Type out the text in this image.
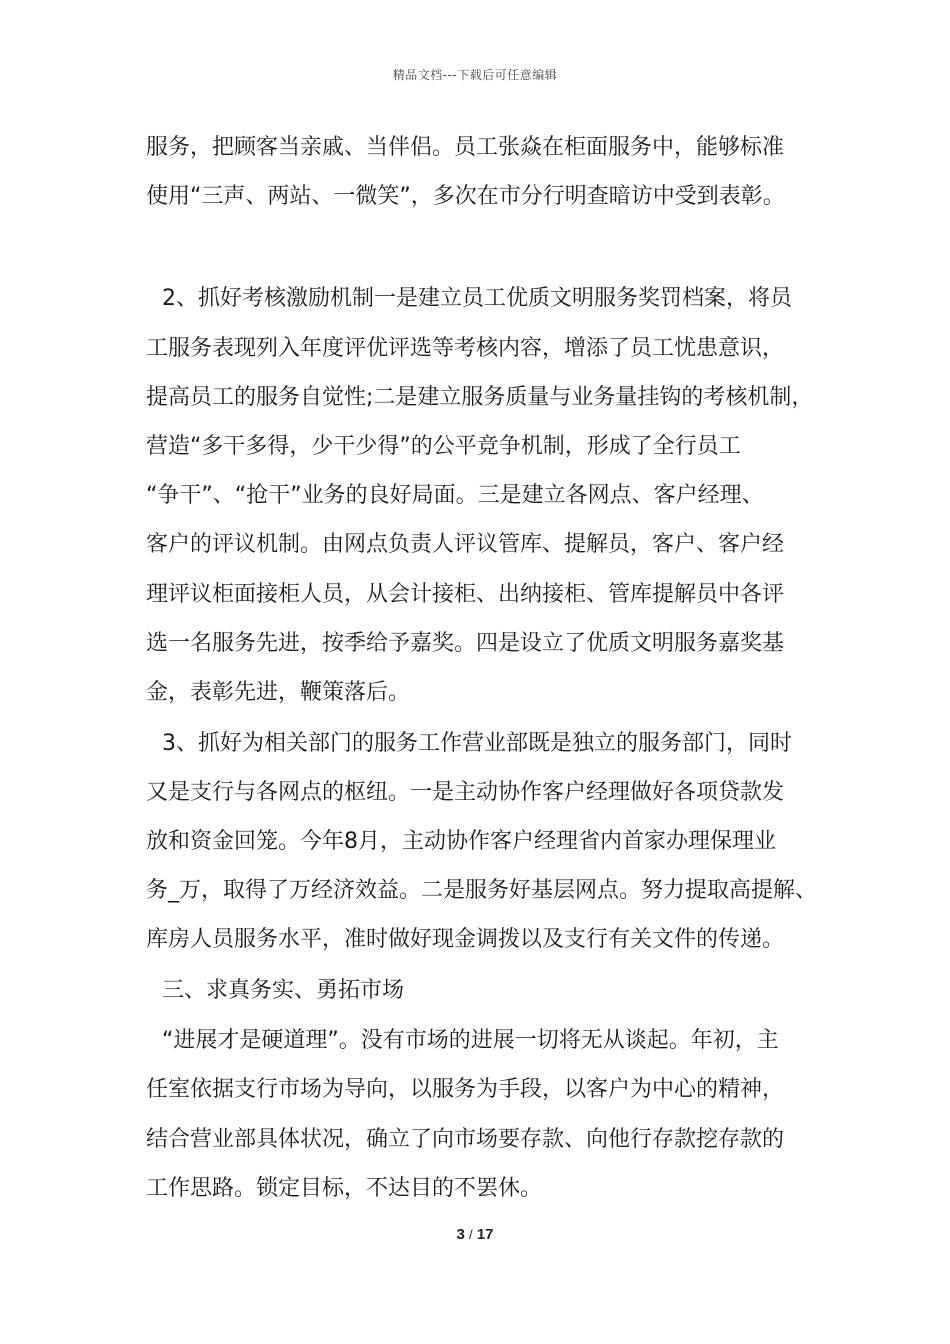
精品文档---下载后可任意编辑
服务，把顾客当亲戚、当伴侣。员工张焱在柜面服务中，能够标准
使用“三声、两站、一微笑”，多次在市分行明查暗访中受到表彰。
2、抓好考核激励机制一是建立员工优质文明服务奖罚档案，将员
工服务表现列入年度评优评选等考核内容，增添了员工忧患意识，
提高员工的服务自觉性;二是建立服务质量与业务量挂钩的考核机制，
营造“多干多得，少干少得”的公平竞争机制，形成了全行员工
“争干”、“抢干”业务的良好局面。三是建立各网点、客户经理、
客户的评议机制。由网点负责人评议管库、提解员，客户、客户经
理评议柜面接柜人员，从会计接柜、出纳接柜、管库提解员中各评
选一名服务先进，按季给予嘉奖。四是设立了优质文明服务嘉奖基
金，表彰先进，鞭策落后。
3、抓好为相关部门的服务工作营业部既是独立的服务部门，同时
又是支行与各网点的枢纽。一是主动协作客户经理做好各项贷款发
放和资金回笼。今年8月，主动协作客户经理省内首家办理保理业
务_万，取得了万经济效益。二是服务好基层网点。努力提取高提解、
库房人员服务水平，准时做好现金调拨以及支行有关文件的传递。
三、求真务实、勇拓市场
“进展才是硬道理”。没有市场的进展一切将无从谈起。年初，主
任室依据支行市场为导向，以服务为手段，以客户为中心的精神，
结合营业部具体状况，确立了向市场要存款、向他行存款挖存款的
工作思路。锁定目标，不达目的不罢休。
3 / 17
